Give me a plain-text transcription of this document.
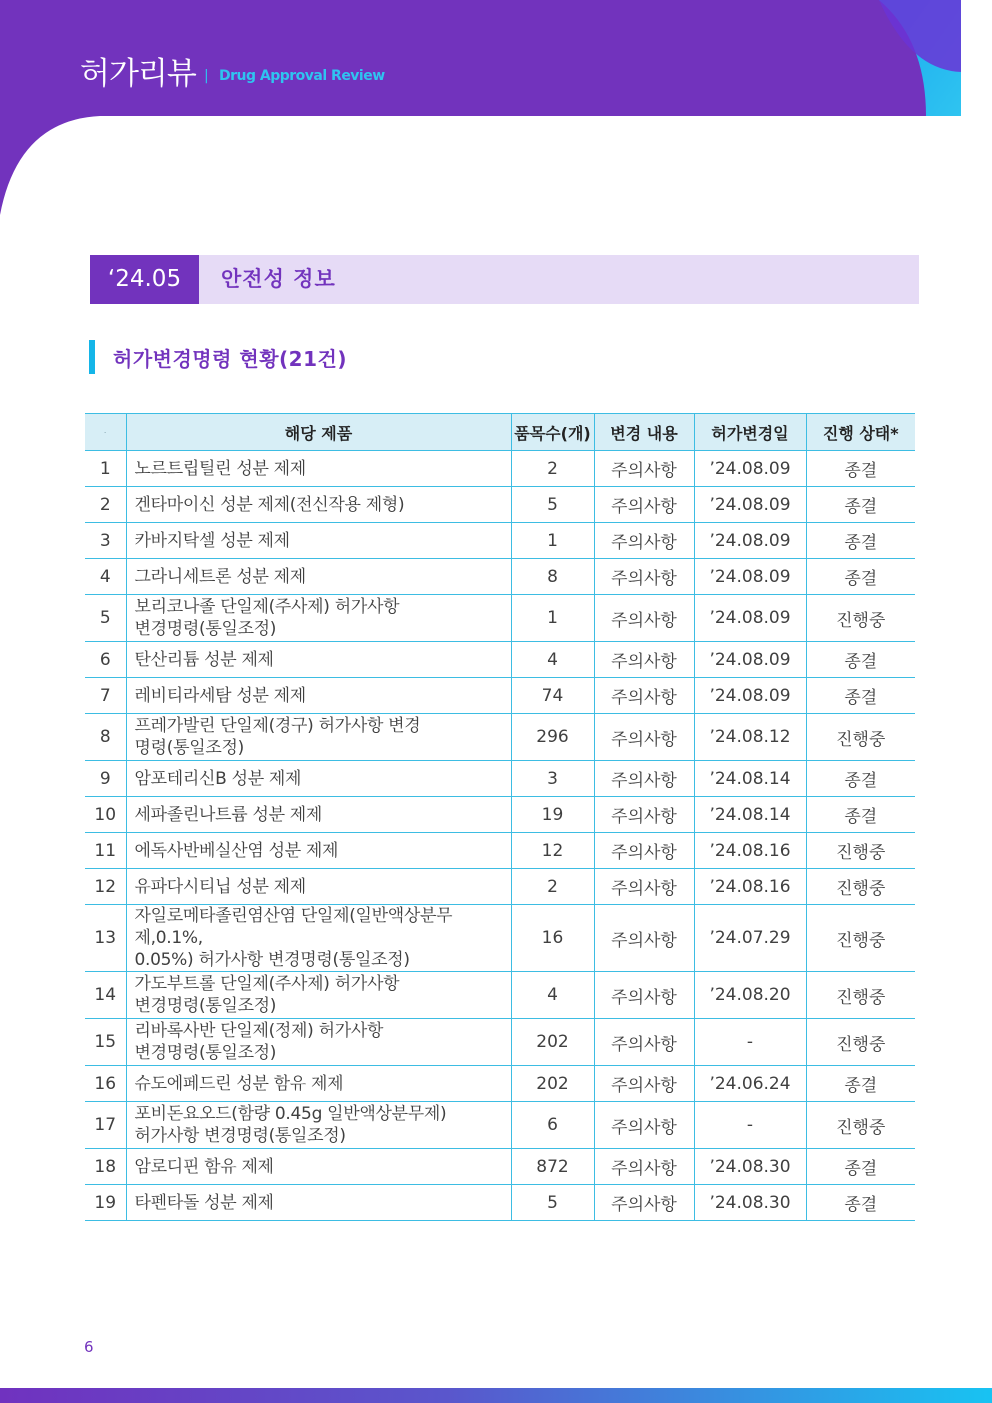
허가리뷰 | Drug Approval Review
‘24.05	안전성 정보
허가변경명령 현황(21건)
-	해당 제품	품목수(개)	변경 내용	허가변경일	진행 상태*
1	노르트립틸린 성분 제제	2	주의사항	’24.08.09	종결
2	겐타마이신 성분 제제(전신작용 제형)	5	주의사항	’24.08.09	종결
3	카바지탁셀 성분 제제	1	주의사항	’24.08.09	종결
4	그라니세트론 성분 제제	8	주의사항	’24.08.09	종결
5	보리코나졸 단일제(주사제) 허가사항
변경명령(통일조정)	1	주의사항	’24.08.09	진행중
6	탄산리튬 성분 제제	4	주의사항	’24.08.09	종결
7	레비티라세탐 성분 제제	74	주의사항	’24.08.09	종결
8	프레가발린 단일제(경구) 허가사항 변경
명령(통일조정)	296	주의사항	’24.08.12	진행중
9	암포테리신B 성분 제제	3	주의사항	’24.08.14	종결
10	세파졸린나트륨 성분 제제	19	주의사항	’24.08.14	종결
11	에독사반베실산염 성분 제제	12	주의사항	’24.08.16	진행중
12	유파다시티닙 성분 제제	2	주의사항	’24.08.16	진행중
13	자일로메타졸린염산염 단일제(일반액상분무제,0.1%,
0.05%) 허가사항 변경명령(통일조정)	16	주의사항	’24.07.29	진행중
14	가도부트롤 단일제(주사제) 허가사항
변경명령(통일조정)	4	주의사항	’24.08.20	진행중
15	리바록사반 단일제(정제) 허가사항
변경명령(통일조정)	202	주의사항	-	진행중
16	슈도에페드린 성분 함유 제제	202	주의사항	’24.06.24	종결
17	포비돈요오드(함량 0.45g 일반액상분무제)
허가사항 변경명령(통일조정)	6	주의사항	-	진행중
18	암로디핀 함유 제제	872	주의사항	’24.08.30	종결
19	타펜타돌 성분 제제	5	주의사항	’24.08.30	종결
6
